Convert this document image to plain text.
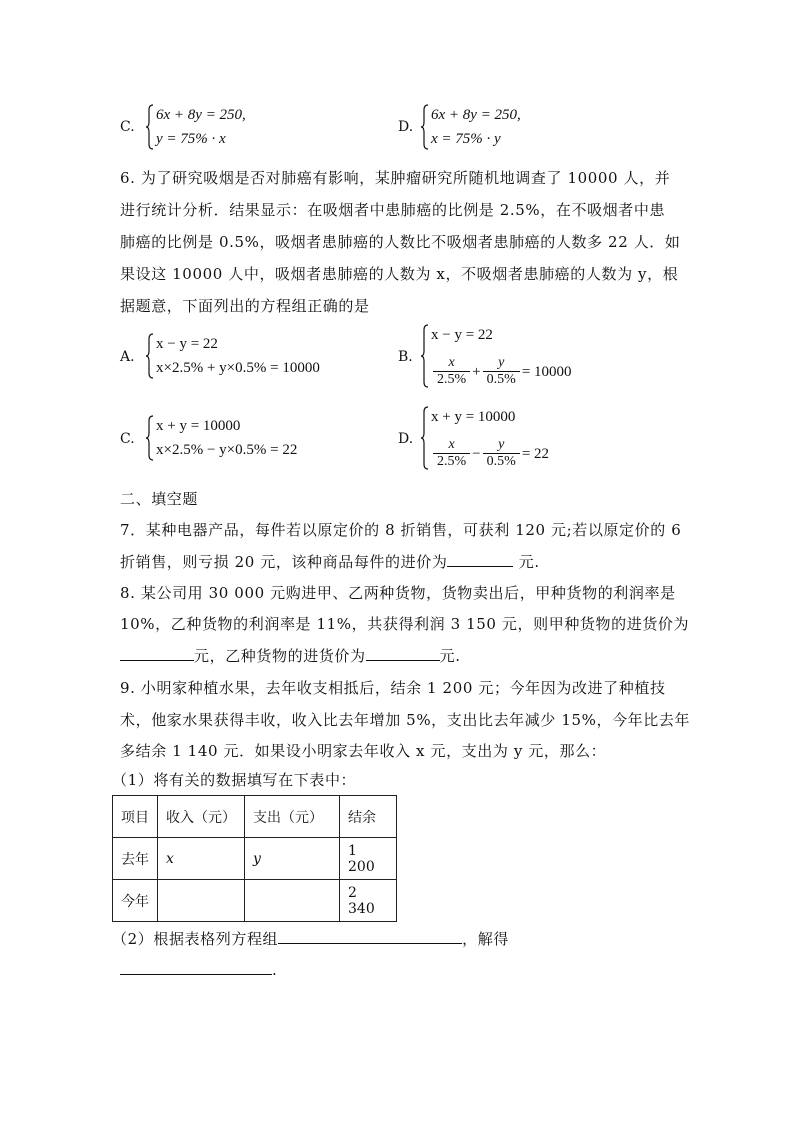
C.
6x + 8y = 250,
y = 75% · x
D.
6x + 8y = 250,
x = 75% · y
6. 为了研究吸烟是否对肺癌有影响，某肿瘤研究所随机地调查了 10000 人，并
进行统计分析．结果显示：在吸烟者中患肺癌的比例是 2.5%，在不吸烟者中患
肺癌的比例是 0.5%，吸烟者患肺癌的人数比不吸烟者患肺癌的人数多 22 人．如
果设这 10000 人中，吸烟者患肺癌的人数为 x，不吸烟者患肺癌的人数为 y，根
据题意，下面列出的方程组正确的是
A.
x − y = 22
x×2.5% + y×0.5% = 10000
B.
x − y = 22
$\frac{x}{2.5\%} + \frac{y}{0.5\%} = 10000$
C.
x + y = 10000
x×2.5% − y×0.5% = 22
D.
x + y = 10000
$\frac{x}{2.5\%} - \frac{y}{0.5\%} = 22$
二、填空题
7．某种电器产品，每件若以原定价的 8 折销售，可获利 120 元;若以原定价的 6
折销售，则亏损 20 元，该种商品每件的进价为	元.
8. 某公司用 30 000 元购进甲、乙两种货物，货物卖出后，甲种货物的利润率是
10%，乙种货物的利润率是 11%，共获得利润 3 150 元，则甲种货物的进货价为
元，乙种货物的进货价为	元.
9. 小明家种植水果，去年收支相抵后，结余 1 200 元；今年因为改进了种植技
术，他家水果获得丰收，收入比去年增加 5%，支出比去年减少 15%，今年比去年
多结余 1 140 元．如果设小明家去年收入 x 元，支出为 y 元，那么：
（1）将有关的数据填写在下表中：
项目	收入（元）	支出（元）	结余
去年	x	y	1 200
今年			2 340
（2）根据表格列方程组	，解得
.
